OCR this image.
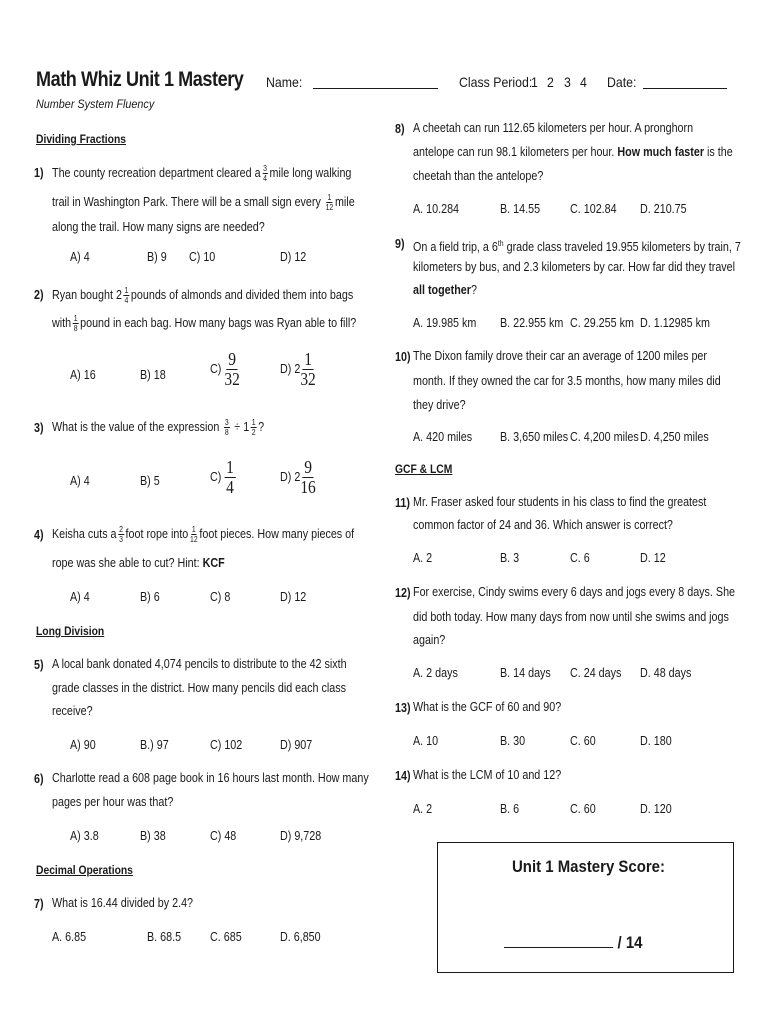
Math Whiz Unit 1 Mastery
Number System Fluency
Name:	Class Period:
1 2 3 4 Date:
Dividing Fractions
1) The county recreation department cleared a $\frac{3}{4}$ mile long walking
trail in Washington Park. There will be a small sign every $\frac{1}{12}$ mile
along the trail. How many signs are needed?
A) 4	B) 9 C) 10	D) 12
2) Ryan bought $2 \frac{1}{4}$ pounds of almonds and divided them into bags
with $\frac{1}{8}$ pound in each bag. How many bags was Ryan able to fill?
A) 16	B) 18	$C) \frac{9}{32}$	D) $2 \frac{1}{32}$
3) What is the value of the expression $\frac{3}{8} \div 1 \frac{1}{2}$ ?
A) 4	B) 5	$C) \frac{1}{4}$	D) $2 \frac{9}{16}$
4) Keisha cuts a $\frac{2}{3}$ foot rope into $\frac{1}{12}$ foot pieces. How many pieces of
rope was she able to cut? Hint: KCF
A) 4	B) 6	C) 8	D) 12
Long Division
5) A local bank donated 4,074 pencils to distribute to the 42 sixth
grade classes in the district. How many pencils did each class
receive?
A) 90	B.) 97	C) 102	D) 907
6) Charlotte read a 608 page book in 16 hours last month. How many
pages per hour was that?
A) 3.8	B) 38	C) 48	D) 9,728
Decimal Operations
7) What is 16.44 divided by 2.4?
A. 6.85	B. 68.5 C. 685	D. 6,850
8) A cheetah can run 112.65 kilometers per hour. A pronghorn
antelope can run 98.1 kilometers per hour. How much faster is the
cheetah than the antelope?
A. 10.284	B. 14.55 C. 102.84 D. 210.75
9) On a field trip, a 6th grade class traveled 19.955 kilometers by train, 7
kilometers by bus, and 2.3 kilometers by car. How far did they travel
all together?
A. 19.985 km B. 22.955 km C. 29.255 km D. 1.12985 km
10) The Dixon family drove their car an average of 1200 miles per
month. If they owned the car for 3.5 months, how many miles did
they drive?
A. 420 miles B. 3,650 miles C. 4,200 miles D. 4,250 miles
GCF & LCM
11) Mr. Fraser asked four students in his class to find the greatest
common factor of 24 and 36. Which answer is correct?
A. 2	B. 3	C. 6	D. 12
12) For exercise, Cindy swims every 6 days and jogs every 8 days. She
did both today. How many days from now until she swims and jogs
again?
A. 2 days	B. 14 days C. 24 days D. 48 days
13) What is the GCF of 60 and 90?
A. 10	B. 30	C. 60	D. 180
14) What is the LCM of 10 and 12?
A. 2	B. 6	C. 60	D. 120
Unit 1 Mastery Score:
/ 14
